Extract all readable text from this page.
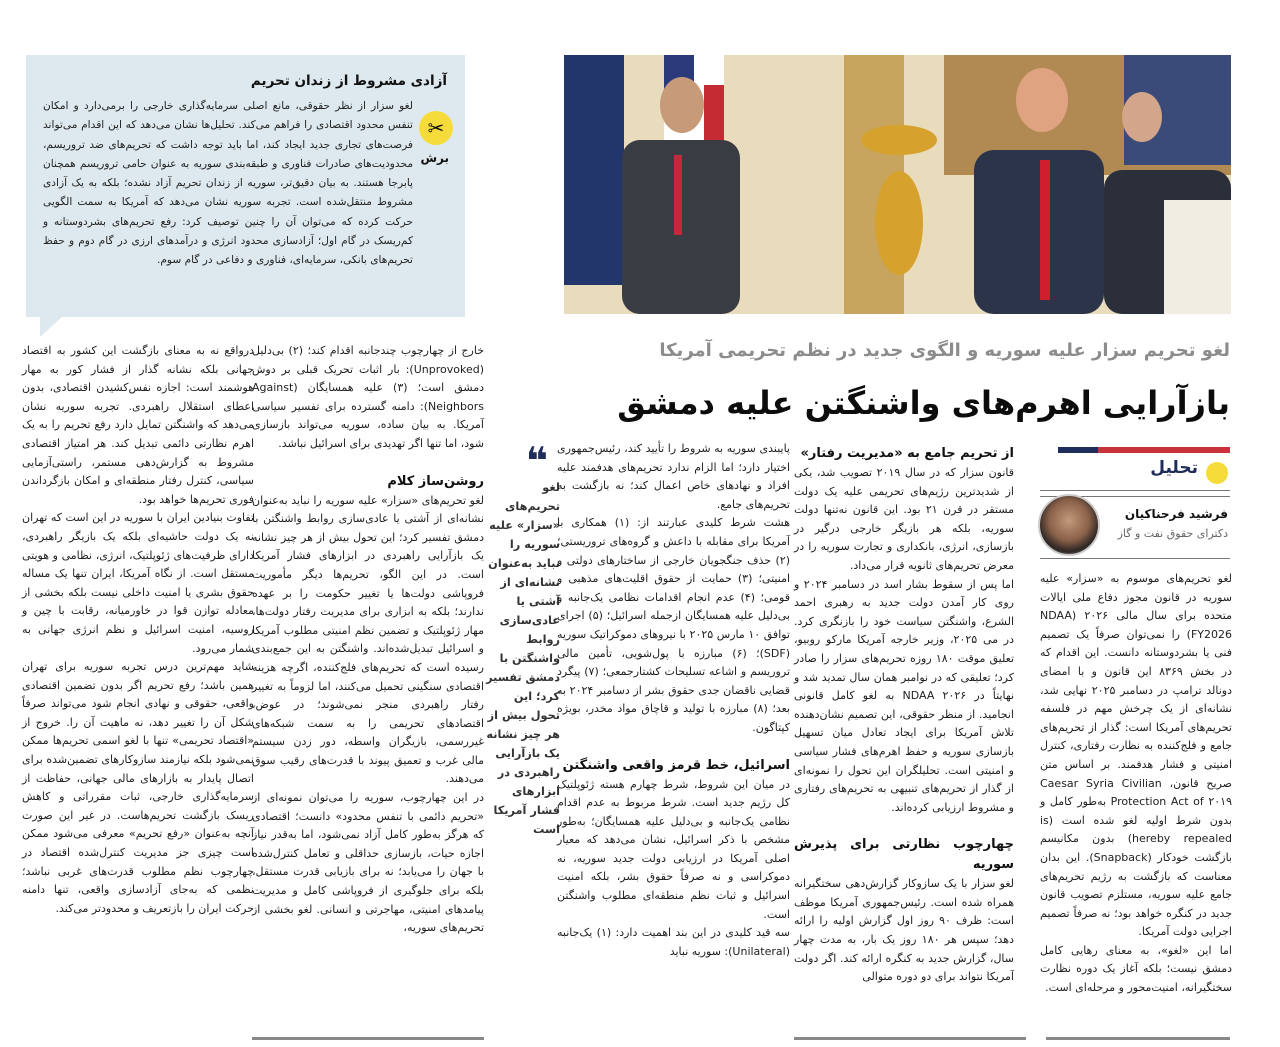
آزادی مشروط از زندان تحریم
✂
برش
لغو سزار از نظر حقوقی، مانع اصلی سرمایه‌گذاری خارجی را برمی‌دارد و امکان تنفس محدود اقتصادی را فراهم می‌کند. تحلیل‌ها نشان می‌دهد که این اقدام می‌تواند فرصت‌های تجاری جدید ایجاد کند، اما باید توجه داشت که تحریم‌های ضد تروریسم، محدودیت‌های صادرات فناوری و طبقه‌بندی سوریه به عنوان حامی تروریسم همچنان پابرجا هستند. به بیان دقیق‌تر، سوریه از زندان تحریم آزاد نشده؛ بلکه به یک آزادی مشروط منتقل‌شده است. تجربه سوریه نشان می‌دهد که آمریکا به سمت الگویی حرکت کرده که می‌توان آن را چنین توصیف کرد: رفع تحریم‌های بشردوستانه و کم‌ریسک در گام اول؛ آزادسازی محدود انرژی و درآمدهای ارزی در گام دوم و حفظ تحریم‌های بانکی، سرمایه‌ای، فناوری و دفاعی در گام سوم.
لغو تحریم سزار علیه سوریه و الگوی جدید در نظم تحریمی آمریکا
بازآرایی اهرم‌های واشنگتن علیه دمشق
تحلیل
فرشید فرحناکیان
دکترای حقوق نفت و گاز

لغو تحریم‌های موسوم به «سزار» علیه سوریه در قانون مجوز دفاع ملی ایالات متحده برای سال مالی ۲۰۲۶ (NDAA FY2026) را نمی‌توان صرفاً یک تصمیم فنی یا بشردوستانه دانست. این اقدام که در بخش ۸۳۶۹ این قانون و با امضای دونالد ترامپ در دسامبر ۲۰۲۵ نهایی شد، نشانه‌ای از یک چرخش مهم در فلسفه تحریم‌های آمریکا است: گذار از تحریم‌های جامع و فلج‌کننده به نظارت رفتاری، کنترل امنیتی و فشار هدفمند. بر اساس متن صریح قانون، Caesar Syria Civilian Protection Act of ۲۰۱۹ به‌طور کامل و بدون شرط اولیه لغو شده است (is hereby repealed) بدون مکانیسم بازگشت خودکار (Snapback). این بدان معناست که بازگشت به رژیم تحریم‌های جامع علیه سوریه، مستلزم تصویب قانون جدید در کنگره خواهد بود؛ نه صرفاً تصمیم اجرایی دولت آمریکا.

اما این «لغو»، به معنای رهایی کامل دمشق نیست؛ بلکه آغاز یک دوره نظارت سختگیرانه، امنیت‌محور و مرحله‌ای است.

از تحریم جامع به «مدیریت رفتار»

قانون سزار که در سال ۲۰۱۹ تصویب شد، یکی از شدیدترین رژیم‌های تحریمی علیه یک دولت مستقر در قرن ۲۱ بود. این قانون نه‌تنها دولت سوریه، بلکه هر بازیگر خارجی درگیر در بازسازی، انرژی، بانکداری و تجارت سوریه را در معرض تحریم‌های ثانویه قرار می‌داد.

اما پس از سقوط بشار اسد در دسامبر ۲۰۲۴ و روی کار آمدن دولت جدید به رهبری احمد الشرع، واشنگتن سیاست خود را بازنگری کرد. در می ۲۰۲۵، وزیر خارجه آمریکا مارکو روبیو، تعلیق موقت ۱۸۰ روزه تحریم‌های سزار را صادر کرد؛ تعلیقی که در نوامبر همان سال تمدید شد و نهایتاً در NDAA ۲۰۲۶ به لغو کامل قانونی انجامید. از منظر حقوقی، این تصمیم نشان‌دهنده تلاش آمریکا برای ایجاد تعادل میان تسهیل بازسازی سوریه و حفظ اهرم‌های فشار سیاسی و امنیتی است. تحلیلگران این تحول را نمونه‌ای از گذار از تحریم‌های تنبیهی به تحریم‌های رفتاری و مشروط ارزیابی کرده‌اند.

چهارچوب نظارتی برای پذیرش سوریه

لغو سزار با یک سازوکار گزارش‌دهی سختگیرانه همراه شده است. رئیس‌جمهوری آمریکا موظف است: ظرف ۹۰ روز اول گزارش اولیه را ارائه دهد؛ سپس هر ۱۸۰ روز یک بار، به مدت چهار سال، گزارش جدید به کنگره ارائه کند. اگر دولت آمریکا نتواند برای دو دوره متوالی

پایبندی سوریه به شروط را تأیید کند، رئیس‌جمهوری اختیار دارد؛ اما الزام ندارد تحریم‌های هدفمند علیه افراد و نهادهای خاص اعمال کند؛ نه بازگشت به تحریم‌های جامع.

هشت شرط کلیدی عبارتند از: (۱) همکاری با آمریکا برای مقابله با داعش و گروه‌های تروریستی؛ (۲) حذف جنگجویان خارجی از ساختارهای دولتی و امنیتی؛ (۳) حمایت از حقوق اقلیت‌های مذهبی و قومی؛ (۴) عدم انجام اقدامات نظامی یک‌جانبه و بی‌دلیل علیه همسایگان ازجمله اسرائیل؛ (۵) اجرای توافق ۱۰ مارس ۲۰۲۵ با نیروهای دموکراتیک سوریه (SDF)؛ (۶) مبارزه با پول‌شویی، تأمین مالی تروریسم و اشاعه تسلیحات کشتارجمعی؛ (۷) پیگرد قضایی ناقضان جدی حقوق بشر از دسامبر ۲۰۲۴ به بعد؛ (۸) مبارزه با تولید و قاچاق مواد مخدر، بویژه کپتاگون.

اسرائیل، خط قرمز واقعی واشنگتن

در میان این شروط، شرط چهارم هسته ژئوپلتیک کل رژیم جدید است. شرط مربوط به عدم اقدام نظامی یک‌جانبه و بی‌دلیل علیه همسایگان؛ به‌طور مشخص با ذکر اسرائیل، نشان می‌دهد که معیار اصلی آمریکا در ارزیابی دولت جدید سوریه، نه دموکراسی و نه صرفاً حقوق بشر، بلکه امنیت اسرائیل و ثبات نظم منطقه‌ای مطلوب واشنگتن است.

سه قید کلیدی در این بند اهمیت دارد: (۱) یک‌جانبه (Unilateral): سوریه نباید

❝
لغو تحریم‌های «سزار» علیه سوریه را نباید به‌عنوان نشانه‌ای از آشتی یا عادی‌سازی روابط واشنگتن با دمشق تفسیر کرد؛ این تحول بیش از هر چیز نشانه یک بازآرایی راهبردی در ابزارهای فشار آمریکا است

خارج از چهارچوب چندجانبه اقدام کند؛ (۲) بی‌دلیل (Unprovoked): بار اثبات تحریک قبلی بر دوش دمشق است؛ (۳) علیه همسایگان (Against Neighbors): دامنه گسترده برای تفسیر سیاسی آمریکا. به بیان ساده، سوریه می‌تواند بازسازی شود، اما تنها اگر تهدیدی برای اسرائیل نباشد.

روشن‌ساز کلام

لغو تحریم‌های «سزار» علیه سوریه را نباید به‌عنوان نشانه‌ای از آشتی یا عادی‌سازی روابط واشنگتن با دمشق تفسیر کرد؛ این تحول بیش از هر چیز نشانه یک بازآرایی راهبردی در ابزارهای فشار آمریکا است. در این الگو، تحریم‌ها دیگر مأموریت فروپاشی دولت‌ها یا تغییر حکومت را بر عهده ندارند؛ بلکه به ابزاری برای مدیریت رفتار دولت‌ها، مهار ژئوپلتیک و تضمین نظم امنیتی مطلوب آمریکا و اسرائیل تبدیل‌شده‌اند. واشنگتن به این جمع‌بندی رسیده است که تحریم‌های فلج‌کننده، اگرچه هزینه اقتصادی سنگینی تحمیل می‌کنند، اما لزوماً به تغییر رفتار راهبردی منجر نمی‌شوند؛ در عوض، اقتصادهای تحریمی را به سمت شبکه‌های غیررسمی، بازیگران واسطه، دور زدن سیستم مالی غرب و تعمیق پیوند با قدرت‌های رقیب سوق می‌دهند.

در این چهارچوب، سوریه را می‌توان نمونه‌ای از «تحریم دائمی با تنفس محدود» دانست؛ اقتصادی که هرگز به‌طور کامل آزاد نمی‌شود، اما به‌قدر نیاز اجازه حیات، بازسازی حداقلی و تعامل کنترل‌شده با جهان را می‌یابد؛ نه برای بازیابی قدرت مستقل، بلکه برای جلوگیری از فروپاشی کامل و مدیریت پیامدهای امنیتی، مهاجرتی و انسانی. لغو بخشی از تحریم‌های سوریه،

درواقع نه به معنای بازگشت این کشور به اقتصاد جهانی بلکه نشانه گذار از فشار کور به مهار هوشمند است: اجازه نفس‌کشیدن اقتصادی، بدون اعطای استقلال راهبردی. تجربه سوریه نشان می‌دهد که واشنگتن تمایل دارد رفع تحریم را به یک اهرم نظارتی دائمی تبدیل کند. هر امتیاز اقتصادی مشروط به گزارش‌دهی مستمر، راستی‌آزمایی سیاسی، کنترل رفتار منطقه‌ای و امکان بازگرداندن فوری تحریم‌ها خواهد بود.

تفاوت بنیادین ایران با سوریه در این است که تهران نه یک دولت حاشیه‌ای بلکه یک بازیگر راهبردی، دارای ظرفیت‌های ژئوپلتیک، انرژی، نظامی و هویتی مستقل است. از نگاه آمریکا، ایران تنها یک مساله حقوق بشری یا امنیت داخلی نیست بلکه بخشی از معادله توازن قوا در خاورمیانه، رقابت با چین و روسیه، امنیت اسرائیل و نظم انرژی جهانی به شمار می‌رود.

شاید مهم‌ترین درس تجربه سوریه برای تهران همین باشد؛ رفع تحریم اگر بدون تضمین اقتصادی واقعی، حقوقی و نهادی انجام شود می‌تواند صرفاً شکل آن را تغییر دهد، نه ماهیت آن را. خروج از «اقتصاد تحریمی» تنها با لغو اسمی تحریم‌ها ممکن نمی‌شود بلکه نیازمند سازوکارهای تضمین‌شده برای اتصال پایدار به بازارهای مالی جهانی، حفاظت از سرمایه‌گذاری خارجی، ثبات مقرراتی و کاهش ریسک بازگشت تحریم‌هاست. در غیر این صورت آنچه به‌عنوان «رفع تحریم» معرفی می‌شود ممکن است چیزی جز مدیریت کنترل‌شده اقتصاد در چهارچوب نظم مطلوب قدرت‌های غربی نباشد؛ نظمی که به‌جای آزادسازی واقعی، تنها دامنه حرکت ایران را بازتعریف و محدودتر می‌کند.
